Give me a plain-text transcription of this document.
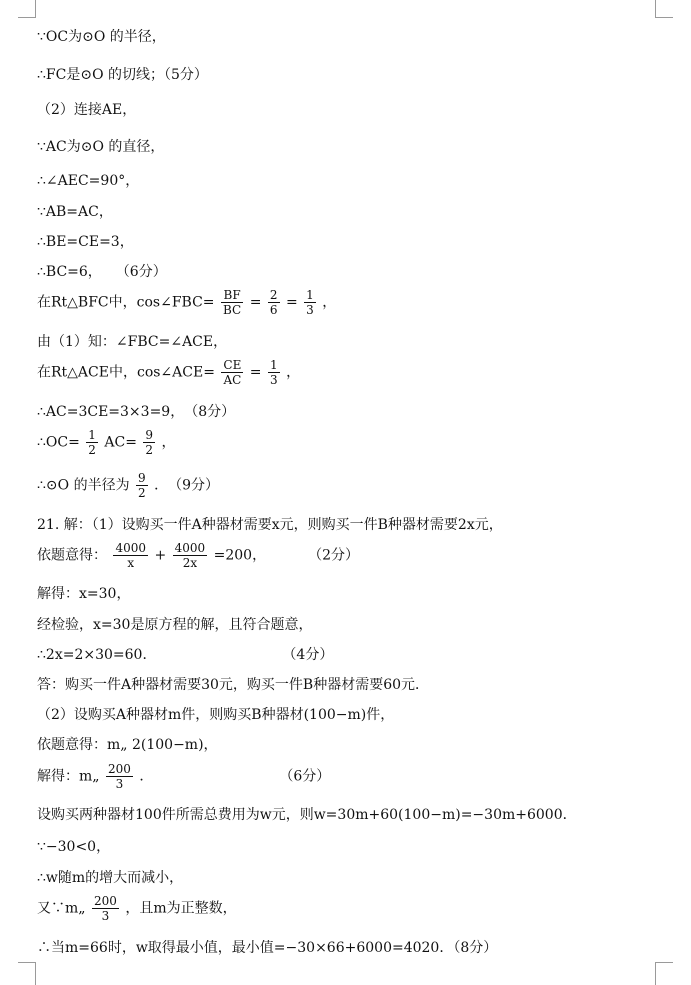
∵OC为⊙O 的半径，
∴FC是⊙O 的切线；（5分）
（2）连接AE，
∵AC为⊙O 的直径，
∴∠AEC=90°，
∵AB=AC，
∴BE=CE=3，
∴BC=6，　　（6分）
在Rt△BFC中，cos∠FBC= $\frac{BF}{BC} = \frac{2}{6} = \frac{1}{3}$ ，
由（1）知：∠FBC=∠ACE，
在Rt△ACE中，cos∠ACE= $\frac{CE}{AC} = \frac{1}{3}$ ，
∴AC=3CE=3×3=9，　（8分）
∴OC= $\frac{1}{2} AC= \frac{9}{2}$ ，
∴⊙O 的半径为 $\frac{9}{2}$ ．　（9分）
21. 解：（1）设购买一件A种器材需要x元，则购买一件B种器材需要2x元，
依题意得： $\frac{4000}{x} + \frac{4000}{2x} =200$，　　　　（2分）
解得：x=30，
经检验，x=30是原方程的解，且符合题意，
∴2x=2×30=60．　　　　　　　　　　（4分）
答：购买一件A种器材需要30元，购买一件B种器材需要60元．
（2）设购买A种器材m件，则购买B种器材(100−m)件，
依题意得：m„ 2(100−m)，
解得：m„ $\frac{200}{3}$ ．　　　　　　　　　　（6分）
设购买两种器材100件所需总费用为w元，则w=30m+60(100−m)=−30m+6000．
∵−30<0，
∴w随m的增大而减小，
又∵m„ $\frac{200}{3}$ ，且m为正整数，
∴当m=66时，w取得最小值，最小值=−30×66+6000=4020．（8分）
